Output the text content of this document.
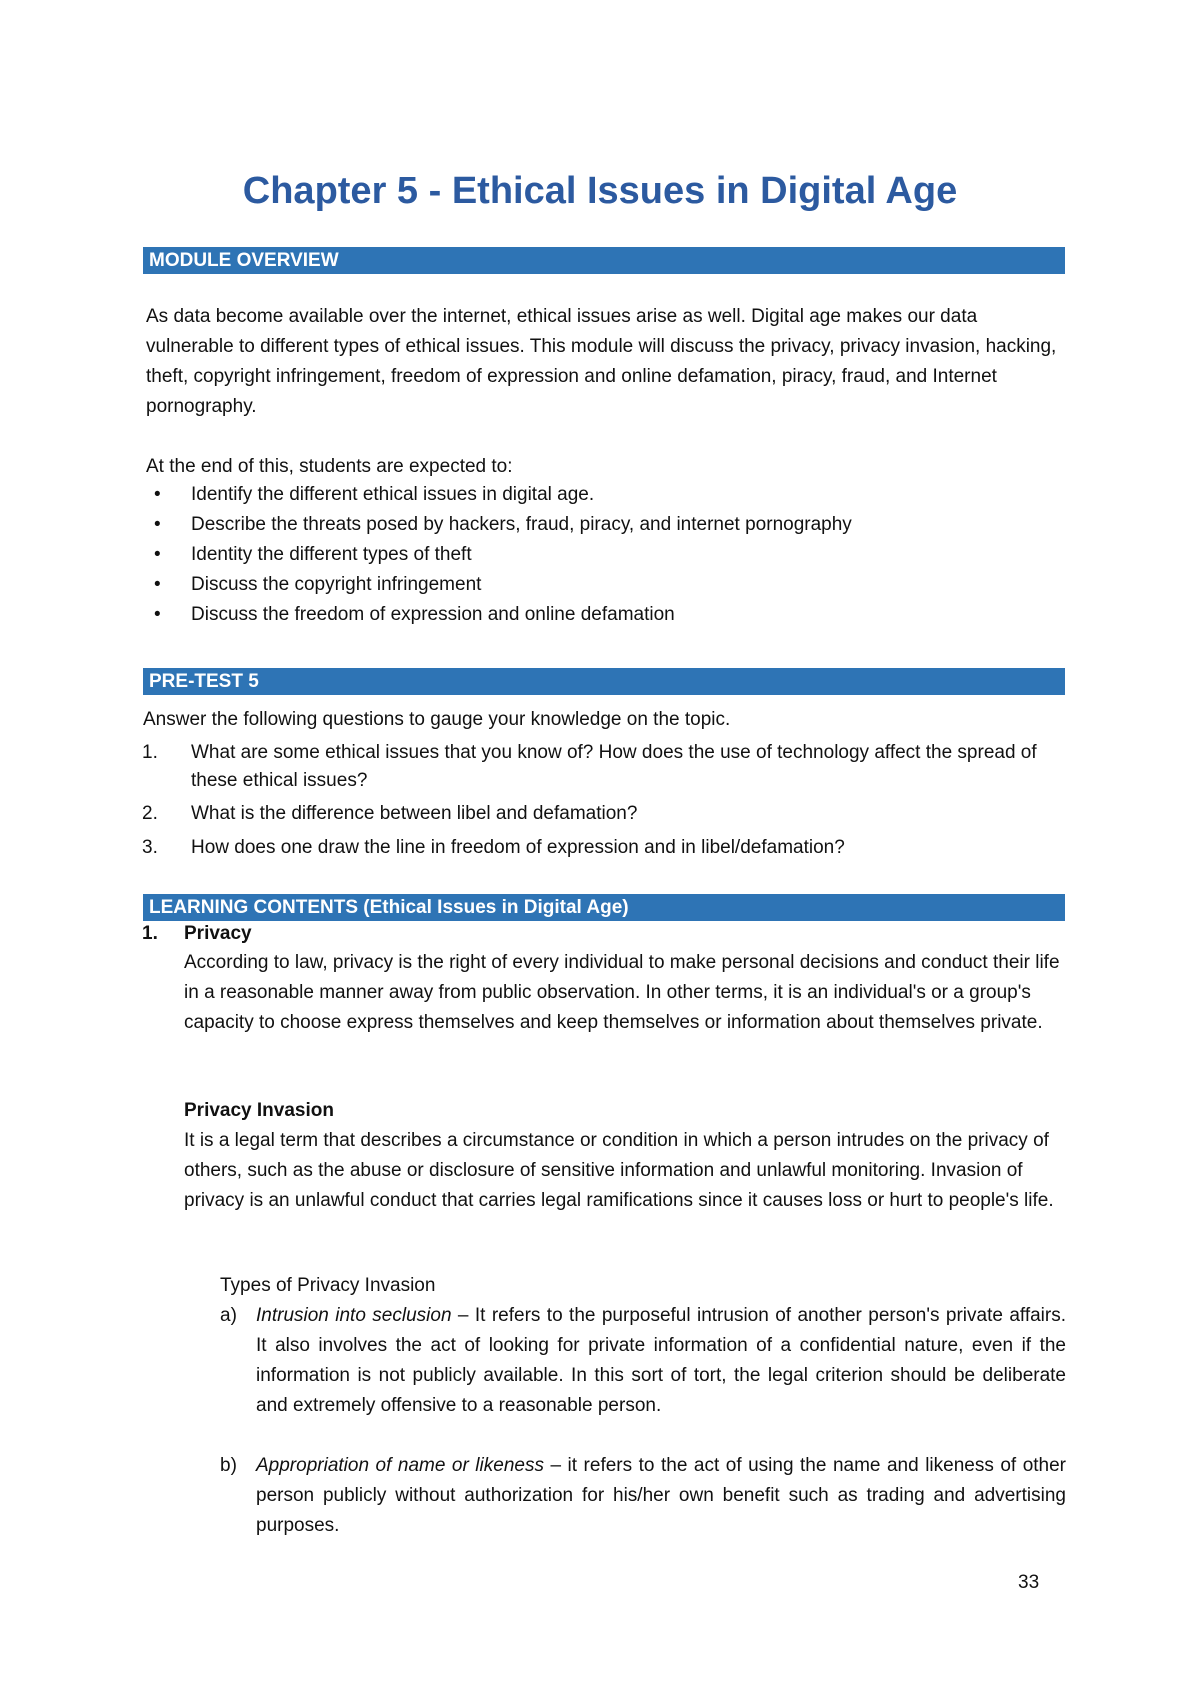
Chapter 5 - Ethical Issues in Digital Age
MODULE OVERVIEW

As data become available over the internet, ethical issues arise as well. Digital age makes our data vulnerable to different types of ethical issues. This module will discuss the privacy, privacy invasion, hacking, theft, copyright infringement, freedom of expression and online defamation, piracy, fraud, and Internet pornography.

At the end of this, students are expected to:

• Identify the different ethical issues in digital age.
• Describe the threats posed by hackers, fraud, piracy, and internet pornography
• Identity the different types of theft
• Discuss the copyright infringement
• Discuss the freedom of expression and online defamation
PRE-TEST 5

Answer the following questions to gauge your knowledge on the topic.

1. What are some ethical issues that you know of? How does the use of technology affect the spread of these ethical issues?
2. What is the difference between libel and defamation?
3. How does one draw the line in freedom of expression and in libel/defamation?
LEARNING CONTENTS (Ethical Issues in Digital Age)
1. Privacy

According to law, privacy is the right of every individual to make personal decisions and conduct their life in a reasonable manner away from public observation. In other terms, it is an individual's or a group's capacity to choose express themselves and keep themselves or information about themselves private.

Privacy Invasion

It is a legal term that describes a circumstance or condition in which a person intrudes on the privacy of others, such as the abuse or disclosure of sensitive information and unlawful monitoring. Invasion of privacy is an unlawful conduct that carries legal ramifications since it causes loss or hurt to people's life.

Types of Privacy Invasion

a) Intrusion into seclusion – It refers to the purposeful intrusion of another person's private affairs. It also involves the act of looking for private information of a confidential nature, even if the information is not publicly available. In this sort of tort, the legal criterion should be deliberate and extremely offensive to a reasonable person.

b) Appropriation of name or likeness – it refers to the act of using the name and likeness of other person publicly without authorization for his/her own benefit such as trading and advertising purposes.

33
